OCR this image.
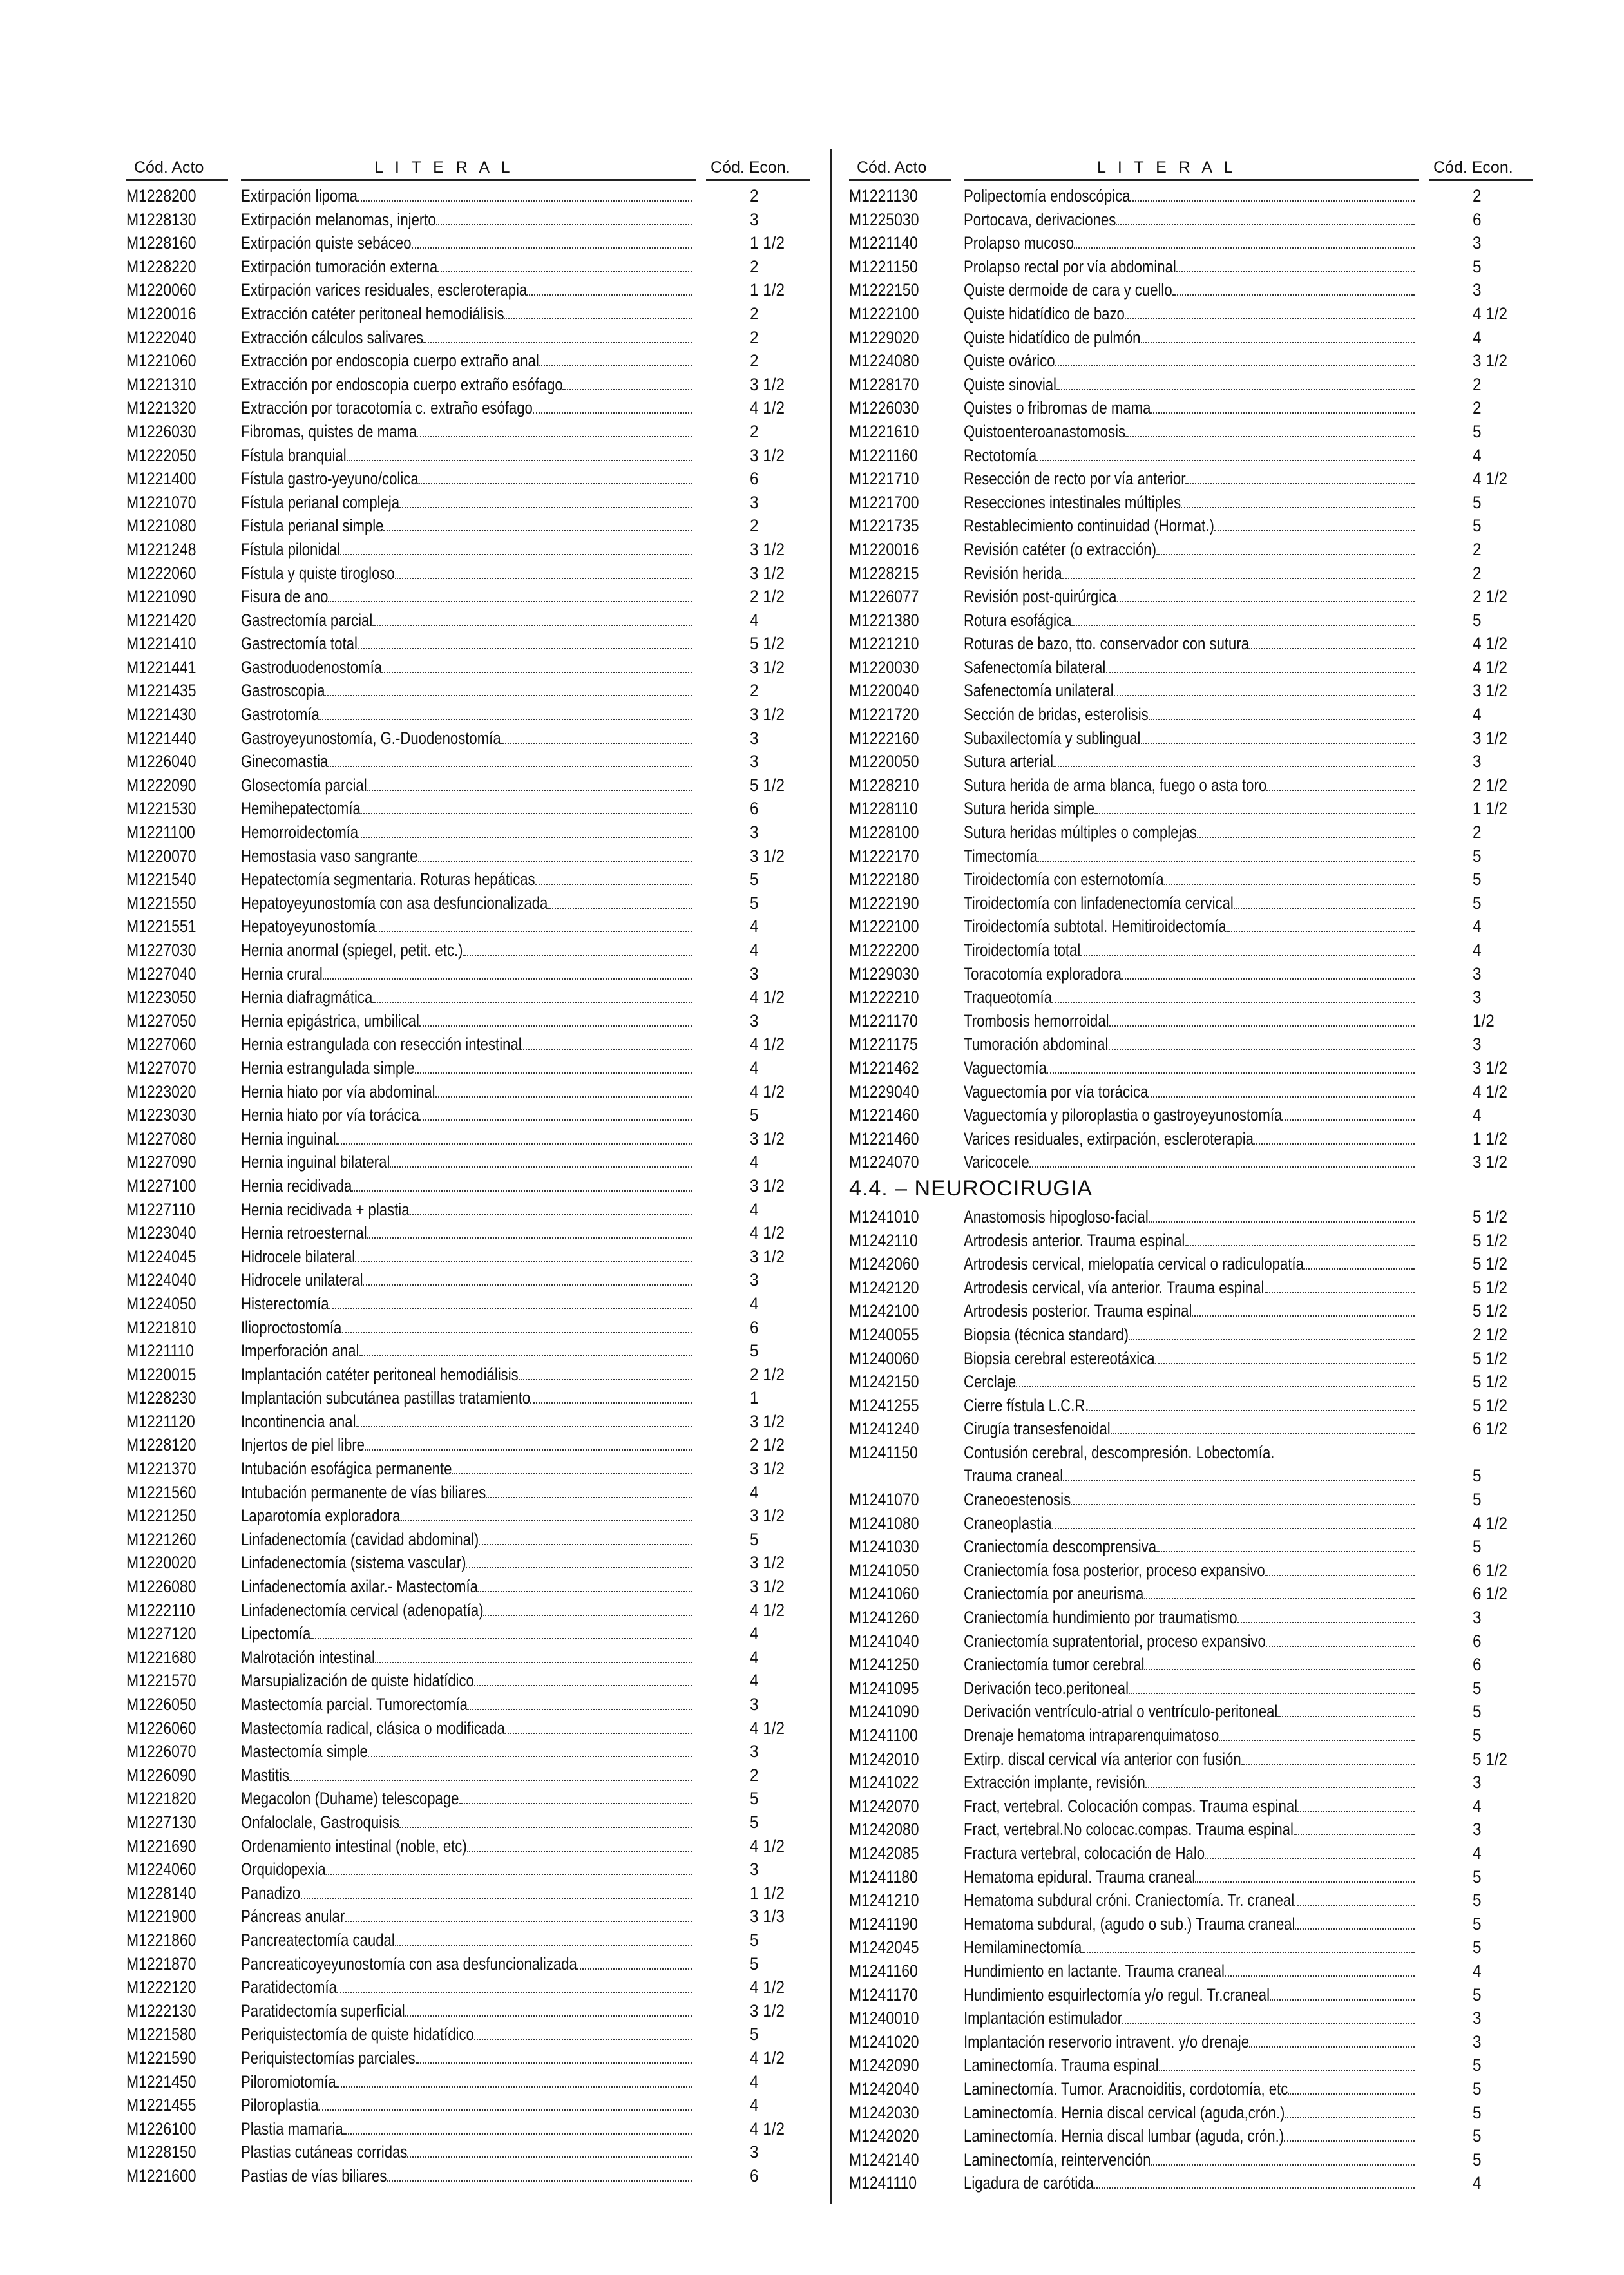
Cód. Acto	L I T E R A L	Cód. Econ.
M1228200	Extirpación lipoma	2
M1228130	Extirpación melanomas, injerto	3
M1228160	Extirpación quiste sebáceo	1 1/2
M1228220	Extirpación tumoración externa	2
M1220060	Extirpación varices residuales, escleroterapia	1 1/2
M1220016	Extracción catéter peritoneal hemodiálisis	2
M1222040	Extracción cálculos salivares	2
M1221060	Extracción por endoscopia cuerpo extraño anal	2
M1221310	Extracción por endoscopia cuerpo extraño esófago	3 1/2
M1221320	Extracción por toracotomía c. extraño esófago	4 1/2
M1226030	Fibromas, quistes de mama	2
M1222050	Fístula branquial	3 1/2
M1221400	Fístula gastro-yeyuno/colica	6
M1221070	Fístula perianal compleja	3
M1221080	Fístula perianal simple	2
M1221248	Fístula pilonidal	3 1/2
M1222060	Fístula y quiste tirogloso	3 1/2
M1221090	Fisura de ano	2 1/2
M1221420	Gastrectomía parcial	4
M1221410	Gastrectomía total	5 1/2
M1221441	Gastroduodenostomía	3 1/2
M1221435	Gastroscopia	2
M1221430	Gastrotomía	3 1/2
M1221440	Gastroyeyunostomía, G.-Duodenostomía	3
M1226040	Ginecomastia	3
M1222090	Glosectomía parcial	5 1/2
M1221530	Hemihepatectomía	6
M1221100	Hemorroidectomía	3
M1220070	Hemostasia vaso sangrante	3 1/2
M1221540	Hepatectomía segmentaria. Roturas hepáticas	5
M1221550	Hepatoyeyunostomía con asa desfuncionalizada	5
M1221551	Hepatoyeyunostomía	4
M1227030	Hernia anormal (spiegel, petit. etc.)	4
M1227040	Hernia crural	3
M1223050	Hernia diafragmática	4 1/2
M1227050	Hernia epigástrica, umbilical	3
M1227060	Hernia estrangulada con resección intestinal	4 1/2
M1227070	Hernia estrangulada simple	4
M1223020	Hernia hiato por vía abdominal	4 1/2
M1223030	Hernia hiato por vía torácica	5
M1227080	Hernia inguinal	3 1/2
M1227090	Hernia inguinal bilateral	4
M1227100	Hernia recidivada	3 1/2
M1227110	Hernia recidivada + plastia	4
M1223040	Hernia retroesternal	4 1/2
M1224045	Hidrocele bilateral	3 1/2
M1224040	Hidrocele unilateral	3
M1224050	Histerectomía	4
M1221810	Ilioproctostomía	6
M1221110	Imperforación anal	5
M1220015	Implantación catéter peritoneal hemodiálisis	2 1/2
M1228230	Implantación subcutánea pastillas tratamiento	1
M1221120	Incontinencia anal	3 1/2
M1228120	Injertos de piel libre	2 1/2
M1221370	Intubación esofágica permanente	3 1/2
M1221560	Intubación permanente de vías biliares	4
M1221250	Laparotomía exploradora	3 1/2
M1221260	Linfadenectomía (cavidad abdominal)	5
M1220020	Linfadenectomía (sistema vascular)	3 1/2
M1226080	Linfadenectomía axilar.- Mastectomía	3 1/2
M1222110	Linfadenectomía cervical (adenopatía)	4 1/2
M1227120	Lipectomía	4
M1221680	Malrotación intestinal	4
M1221570	Marsupialización de quiste hidatídico	4
M1226050	Mastectomía parcial. Tumorectomía	3
M1226060	Mastectomía radical, clásica o modificada	4 1/2
M1226070	Mastectomía simple	3
M1226090	Mastitis	2
M1221820	Megacolon (Duhame) telescopage	5
M1227130	Onfaloclale, Gastroquisis	5
M1221690	Ordenamiento intestinal (noble, etc)	4 1/2
M1224060	Orquidopexia	3
M1228140	Panadizo	1 1/2
M1221900	Páncreas anular	3 1/3
M1221860	Pancreatectomía caudal	5
M1221870	Pancreaticoyeyunostomía con asa desfuncionalizada	5
M1222120	Paratidectomía	4 1/2
M1222130	Paratidectomía superficial	3 1/2
M1221580	Periquistectomía de quiste hidatídico	5
M1221590	Periquistectomías parciales	4 1/2
M1221450	Piloromiotomía	4
M1221455	Piloroplastia	4
M1226100	Plastia mamaria	4 1/2
M1228150	Plastias cutáneas corridas	3
M1221600	Pastias de vías biliares	6
Cód. Acto	L I T E R A L	Cód. Econ.
M1221130	Polipectomía endoscópica	2
M1225030	Portocava, derivaciones	6
M1221140	Prolapso mucoso	3
M1221150	Prolapso rectal por vía abdominal	5
M1222150	Quiste dermoide de cara y cuello	3
M1222100	Quiste hidatídico de bazo	4 1/2
M1229020	Quiste hidatídico de pulmón	4
M1224080	Quiste ovárico	3 1/2
M1228170	Quiste sinovial	2
M1226030	Quistes o fribromas de mama	2
M1221610	Quistoenteroanastomosis	5
M1221160	Rectotomía	4
M1221710	Resección de recto por vía anterior	4 1/2
M1221700	Resecciones intestinales múltiples	5
M1221735	Restablecimiento continuidad (Hormat.)	5
M1220016	Revisión catéter (o extracción)	2
M1228215	Revisión herida	2
M1226077	Revisión post-quirúrgica	2 1/2
M1221380	Rotura esofágica	5
M1221210	Roturas de bazo, tto. conservador con sutura	4 1/2
M1220030	Safenectomía bilateral	4 1/2
M1220040	Safenectomía unilateral	3 1/2
M1221720	Sección de bridas, esterolisis	4
M1222160	Subaxilectomía y sublingual	3 1/2
M1220050	Sutura arterial	3
M1228210	Sutura herida de arma blanca, fuego o asta toro	2 1/2
M1228110	Sutura herida simple	1 1/2
M1228100	Sutura heridas múltiples o complejas	2
M1222170	Timectomía	5
M1222180	Tiroidectomía con esternotomía	5
M1222190	Tiroidectomía con linfadenectomía cervical	5
M1222100	Tiroidectomía subtotal. Hemitiroidectomía	4
M1222200	Tiroidectomía total	4
M1229030	Toracotomía exploradora	3
M1222210	Traqueotomía	3
M1221170	Trombosis hemorroidal	1/2
M1221175	Tumoración abdominal	3
M1221462	Vaguectomía	3 1/2
M1229040	Vaguectomía por vía torácica	4 1/2
M1221460	Vaguectomía y piloroplastia o gastroyeyunostomía	4
M1221460	Varices residuales, extirpación, escleroterapia	1 1/2
M1224070	Varicocele	3 1/2
4.4. – NEUROCIRUGIA
M1241010	Anastomosis hipogloso-facial	5 1/2
M1242110	Artrodesis anterior. Trauma espinal	5 1/2
M1242060	Artrodesis cervical, mielopatía cervical o radiculopatía	5 1/2
M1242120	Artrodesis cervical, vía anterior. Trauma espinal	5 1/2
M1242100	Artrodesis posterior. Trauma espinal	5 1/2
M1240055	Biopsia (técnica standard)	2 1/2
M1240060	Biopsia cerebral estereotáxica	5 1/2
M1242150	Cerclaje	5 1/2
M1241255	Cierre fístula L.C.R.	5 1/2
M1241240	Cirugía transesfenoidal	6 1/2
M1241150	Contusión cerebral, descompresión. Lobectomía.
Trauma craneal	5
M1241070	Craneoestenosis	5
M1241080	Craneoplastia	4 1/2
M1241030	Craniectomía descomprensiva	5
M1241050	Craniectomía fosa posterior, proceso expansivo	6 1/2
M1241060	Craniectomía por aneurisma	6 1/2
M1241260	Craniectomía hundimiento por traumatismo	3
M1241040	Craniectomía supratentorial, proceso expansivo	6
M1241250	Craniectomía tumor cerebral	6
M1241095	Derivación teco.peritoneal	5
M1241090	Derivación ventrículo-atrial o ventrículo-peritoneal	5
M1241100	Drenaje hematoma intraparenquimatoso	5
M1242010	Extirp. discal cervical vía anterior con fusión	5 1/2
M1241022	Extracción implante, revisión	3
M1242070	Fract, vertebral. Colocación compas. Trauma espinal	4
M1242080	Fract, vertebral.No colocac.compas. Trauma espinal	3
M1242085	Fractura vertebral, colocación de Halo	4
M1241180	Hematoma epidural. Trauma craneal	5
M1241210	Hematoma subdural cróni. Craniectomía. Tr. craneal	5
M1241190	Hematoma subdural, (agudo o sub.) Trauma craneal	5
M1242045	Hemilaminectomía	5
M1241160	Hundimiento en lactante. Trauma craneal	4
M1241170	Hundimiento esquirlectomía y/o regul. Tr.craneal	5
M1240010	Implantación estimulador	3
M1241020	Implantación reservorio intravent. y/o drenaje	3
M1242090	Laminectomía. Trauma espinal	5
M1242040	Laminectomía. Tumor. Aracnoiditis, cordotomía, etc	5
M1242030	Laminectomía. Hernia discal cervical (aguda,crón.)	5
M1242020	Laminectomía. Hernia discal lumbar (aguda, crón.)	5
M1242140	Laminectomía, reintervención	5
M1241110	Ligadura de carótida	4
